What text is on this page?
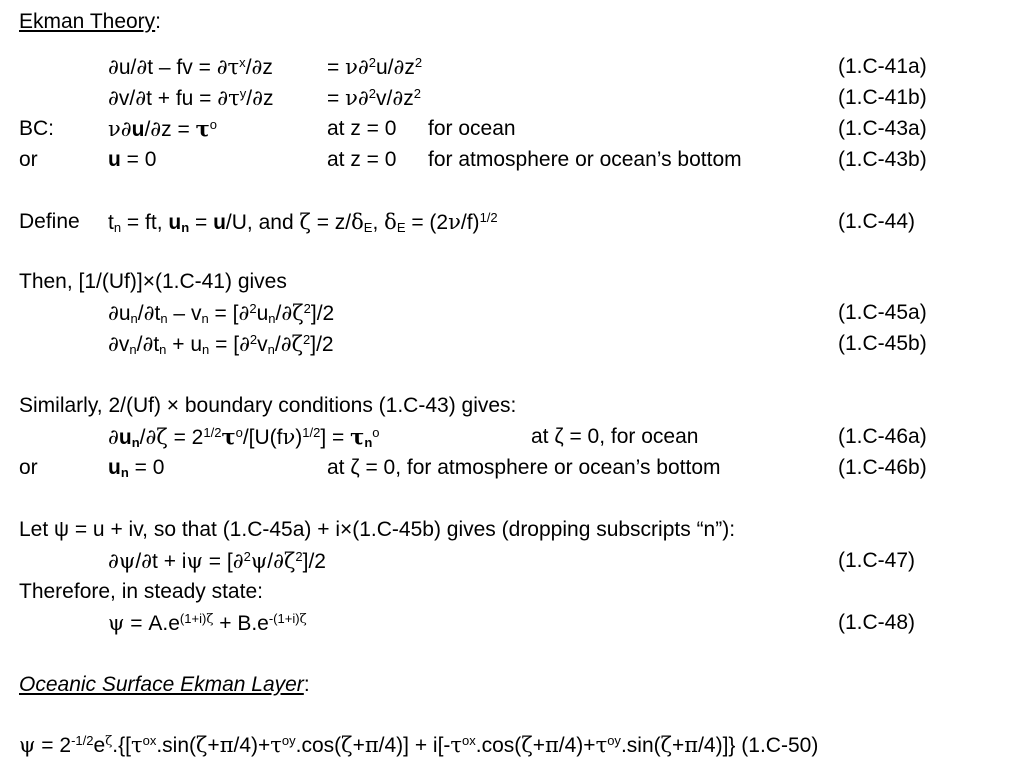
Ekman Theory:
∂u/∂t – fv = $\partial\tau^x/\partial z$	= $\nu\partial^2u/\partial z^2$	(1.C-41a)
∂v/∂t + fu = $\partial\tau^y/\partial z$	= $\nu\partial^2v/\partial z^2$	(1.C-41b)
BC:	$\nu\partial u/\partial z = \tau^o$	at z = 0 for ocean	(1.C-43a)
or	u = 0	at z = 0 for atmosphere or ocean’s bottom	(1.C-43b)
Define $t_n$ = ft, $u_n = u/U$, and $\zeta = z/\delta_E$, $\delta_E = (2\nu/f)^{1/2}$	(1.C-44)
Then, [1/(Uf)]×(1.C-41) gives
$\partial u_n/\partial t_n - v_n = [\partial^2u_n/\partial\zeta^2]/2$	(1.C-45a)
$\partial v_n/\partial t_n + u_n = [\partial^2v_n/\partial\zeta^2]/2$	(1.C-45b)
Similarly, 2/(Uf) × boundary conditions (1.C-43) gives:
$\partial u_n/\partial\zeta = 2^{1/2}\tau^o/[U(f\nu)^{1/2}] = \tau_n^o$	at ζ = 0, for ocean	(1.C-46a)
or	$u_n = 0$	at ζ = 0, for atmosphere or ocean’s bottom	(1.C-46b)
Let ψ = u + iv, so that (1.C-45a) + i×(1.C-45b) gives (dropping subscripts “n”):
$\partial\psi/\partial t + i\psi = [\partial^2\psi/\partial\zeta^2]/2$	(1.C-47)
Therefore, in steady state:
$\psi = A.e^{(1+i)\zeta} + B.e^{-(1+i)\zeta}$	(1.C-48)
Oceanic Surface Ekman Layer:
$\psi = 2^{-1/2}e^\zeta.\{[\tau^{ox}.\sin(\zeta+\pi/4)+\tau^{oy}.\cos(\zeta+\pi/4)] + i[-\tau^{ox}.\cos(\zeta+\pi/4)+\tau^{oy}.\sin(\zeta+\pi/4)]\}$ (1.C-50)
